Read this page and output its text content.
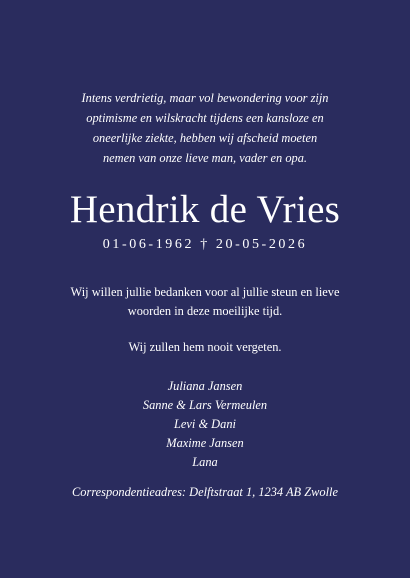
Intens verdrietig, maar vol bewondering voor zijn
optimisme en wilskracht tijdens een kansloze en
oneerlijke ziekte, hebben wij afscheid moeten
nemen van onze lieve man, vader en opa.
Hendrik de Vries
01-06-1962 † 20-05-2026
Wij willen jullie bedanken voor al jullie steun en lieve
woorden in deze moeilijke tijd.
Wij zullen hem nooit vergeten.
Juliana Jansen
Sanne & Lars Vermeulen
Levi & Dani
Maxime Jansen
Lana
Correspondentieadres: Delftstraat 1, 1234 AB Zwolle
